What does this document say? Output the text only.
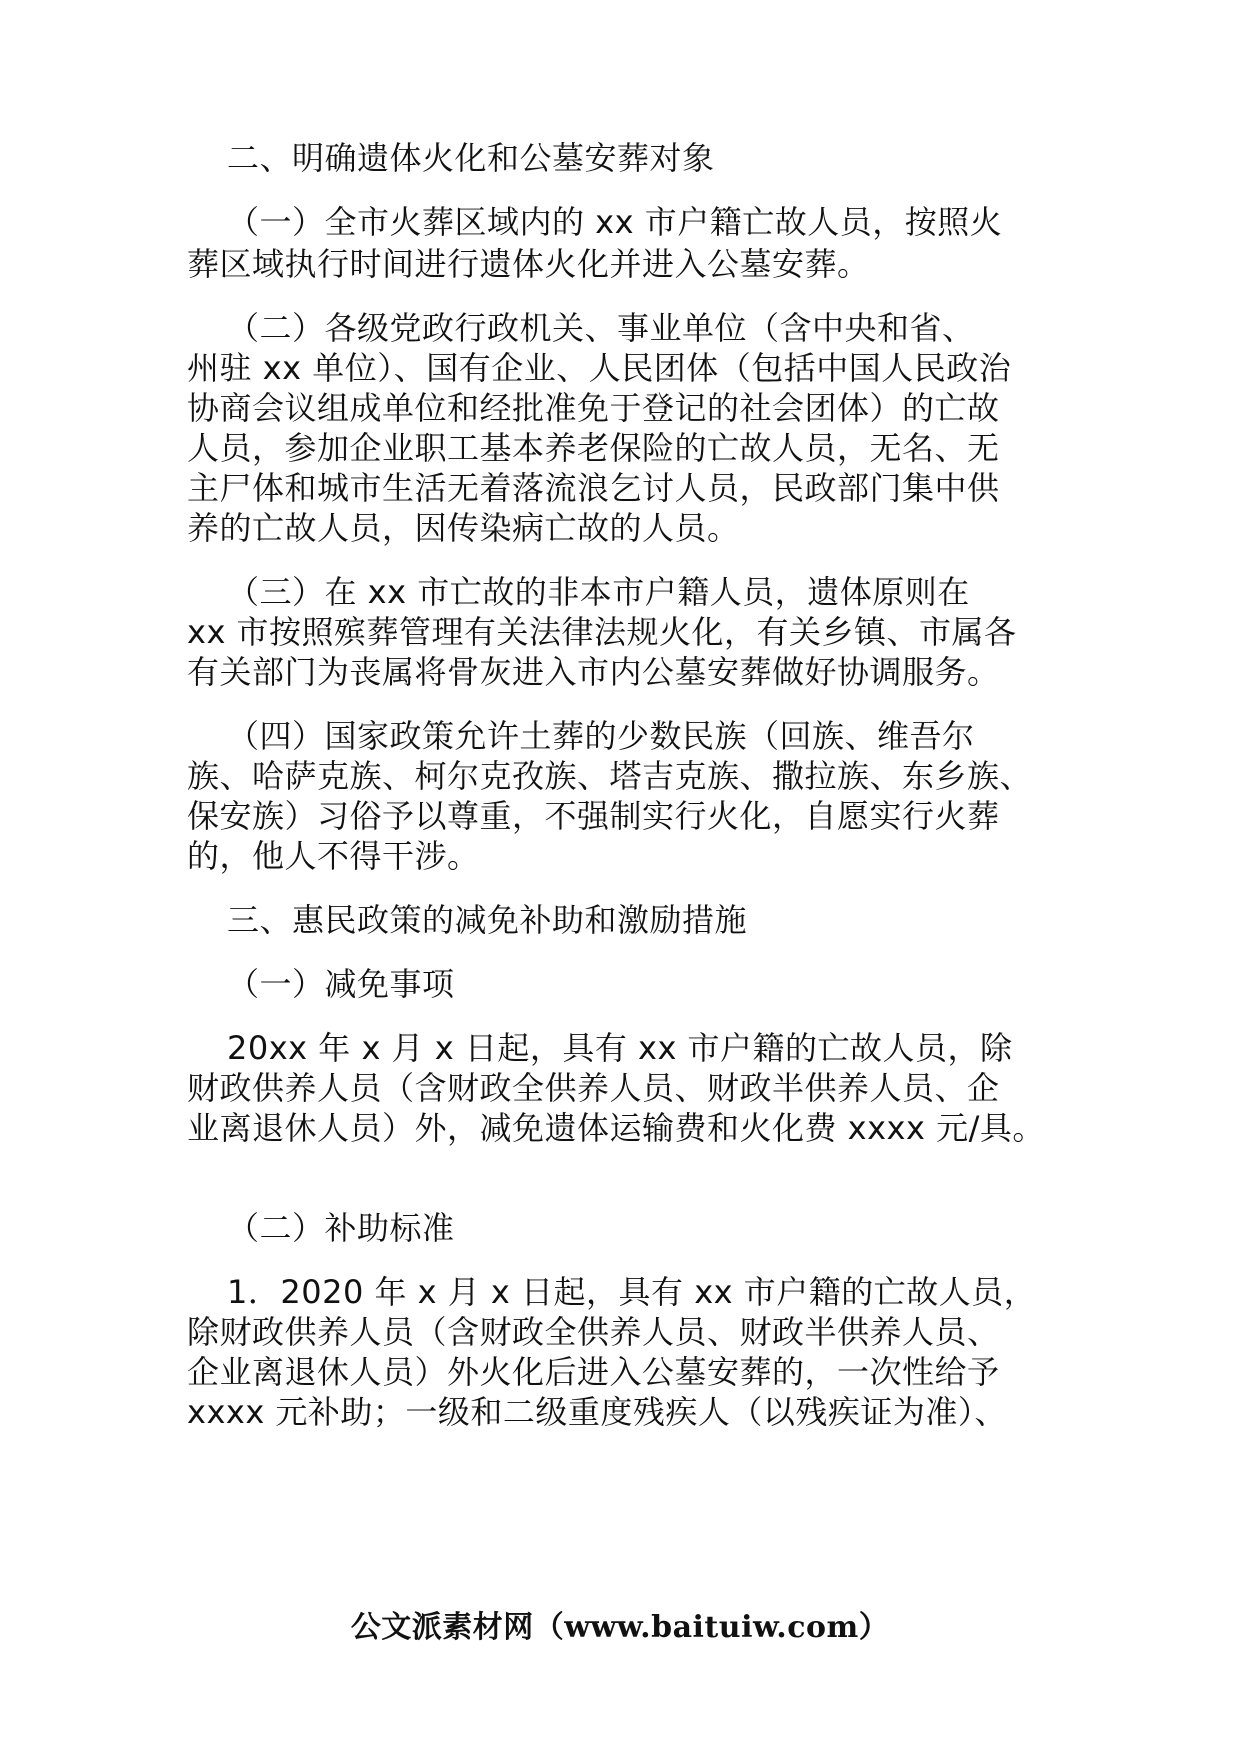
二、明确遗体火化和公墓安葬对象
（一）全市火葬区域内的 xx 市户籍亡故人员，按照火
葬区域执行时间进行遗体火化并进入公墓安葬。
（二）各级党政行政机关、事业单位（含中央和省、
州驻 xx 单位）、国有企业、人民团体（包括中国人民政治
协商会议组成单位和经批准免于登记的社会团体）的亡故
人员，参加企业职工基本养老保险的亡故人员，无名、无
主尸体和城市生活无着落流浪乞讨人员，民政部门集中供
养的亡故人员，因传染病亡故的人员。
（三）在 xx 市亡故的非本市户籍人员，遗体原则在
xx 市按照殡葬管理有关法律法规火化，有关乡镇、市属各
有关部门为丧属将骨灰进入市内公墓安葬做好协调服务。
（四）国家政策允许土葬的少数民族（回族、维吾尔
族、哈萨克族、柯尔克孜族、塔吉克族、撒拉族、东乡族、
保安族）习俗予以尊重，不强制实行火化，自愿实行火葬
的，他人不得干涉。
三、惠民政策的减免补助和激励措施
（一）减免事项
20xx 年 x 月 x 日起，具有 xx 市户籍的亡故人员，除
财政供养人员（含财政全供养人员、财政半供养人员、企
业离退休人员）外，减免遗体运输费和火化费 xxxx 元/具。
（二）补助标准
1．2020 年 x 月 x 日起，具有 xx 市户籍的亡故人员，
除财政供养人员（含财政全供养人员、财政半供养人员、
企业离退休人员）外火化后进入公墓安葬的，一次性给予
xxxx 元补助；一级和二级重度残疾人（以残疾证为准）、
公文派素材网（www.baituiw.com）
